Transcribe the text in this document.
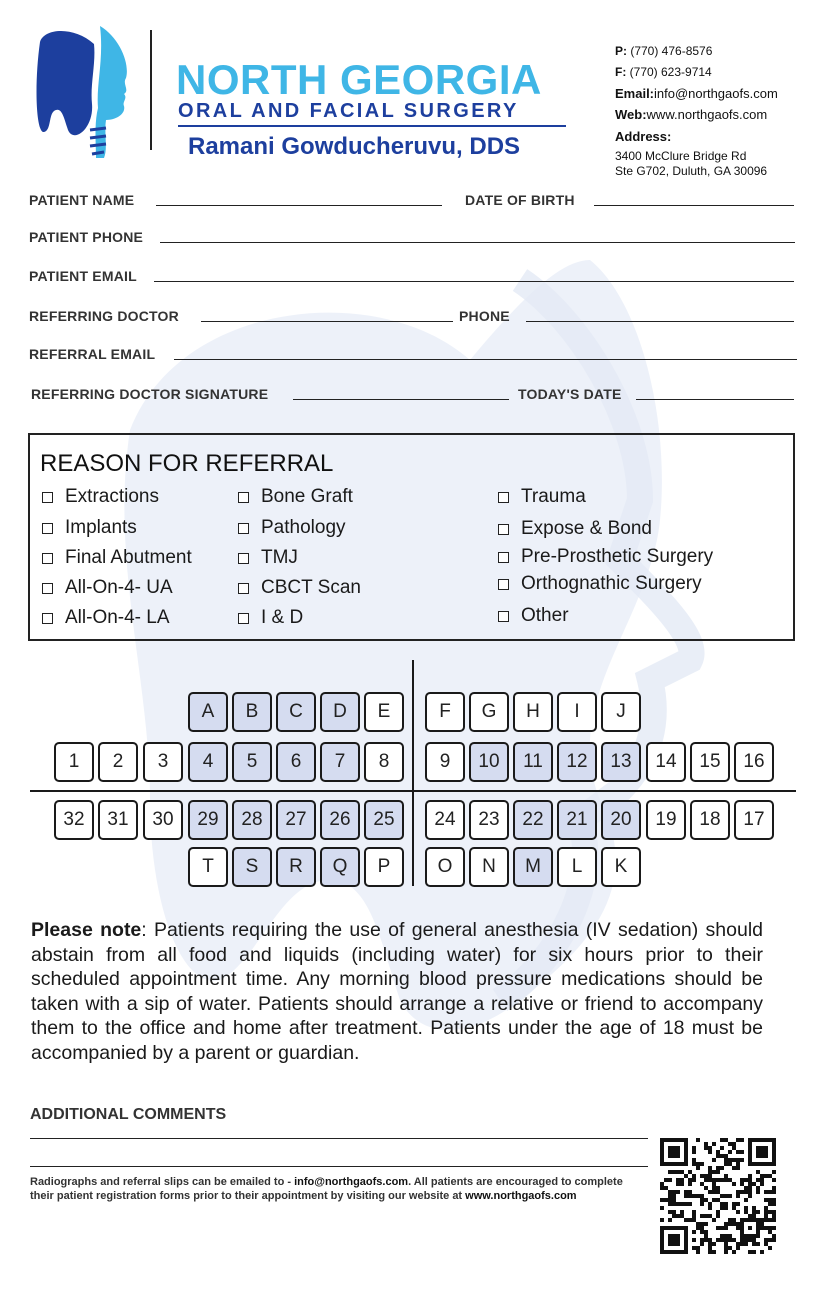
NORTH GEORGIA
ORAL AND FACIAL SURGERY
Ramani Gowducheruvu, DDS
P: (770) 476-8576
F: (770) 623-9714
Email:info@northgaofs.com
Web:www.northgaofs.com
Address:
3400 McClure Bridge Rd
Ste G702, Duluth, GA 30096
PATIENT NAME	DATE OF BIRTH
PATIENT PHONE
PATIENT EMAIL
REFERRING DOCTOR	PHONE
REFERRAL EMAIL
REFERRING DOCTOR SIGNATURE	TODAY'S DATE
REASON FOR REFERRAL
Extractions
Implants
Final Abutment
All-On-4- UA
All-On-4- LA
Bone Graft
Pathology
TMJ
CBCT Scan
I & D
Trauma
Expose & Bond
Pre-Prosthetic Surgery
Orthognathic Surgery
Other
A	B	C	D	E	F	G	H	I	J
1	2	3	4	5	6	7	8	9	10	11	12	13	14	15	16
32	31	30	29	28	27	26	25	24	23	22	21	20	19	18	17
T	S	R	Q	P	O	N	M	L	K
Please note: Patients requiring the use of general anesthesia (IV sedation) should abstain from all food and liquids (including water) for six hours prior to their scheduled appointment time. Any morning blood pressure medications should be taken with a sip of water. Patients should arrange a relative or friend to accompany them to the office and home after treatment. Patients under the age of 18 must be accompanied by a parent or guardian.
ADDITIONAL COMMENTS
Radiographs and referral slips can be emailed to - info@northgaofs.com. All patients are encouraged to complete their patient registration forms prior to their appointment by visiting our website at www.northgaofs.com
